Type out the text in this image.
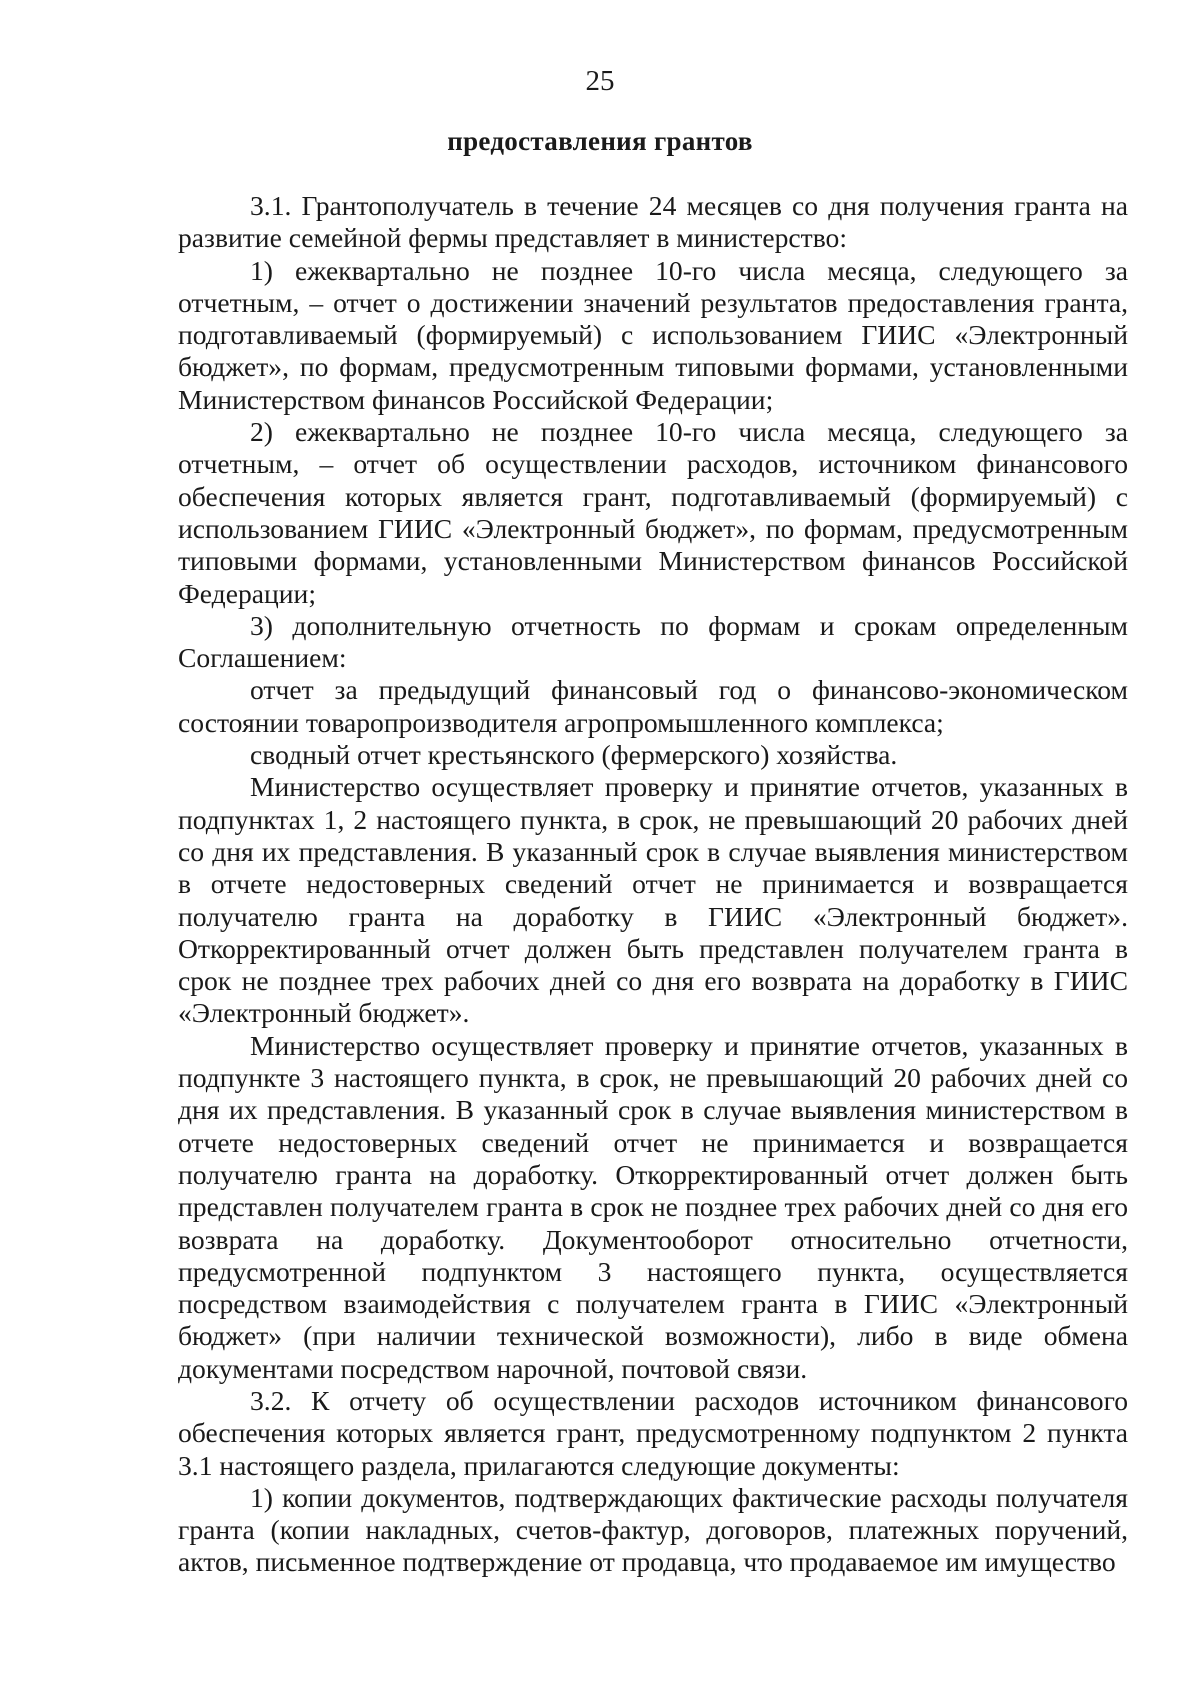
25
предоставления грантов

3.1. Грантополучатель в течение 24 месяцев со дня получения гранта на развитие семейной фермы представляет в министерство:

1) ежеквартально не позднее 10-го числа месяца, следующего за отчетным, – отчет о достижении значений результатов предоставления гранта, подготавливаемый (формируемый) с использованием ГИИС «Электронный бюджет», по формам, предусмотренным типовыми формами, установленными Министерством финансов Российской Федерации;

2) ежеквартально не позднее 10-го числа месяца, следующего за отчетным, – отчет об осуществлении расходов, источником финансового обеспечения которых является грант, подготавливаемый (формируемый) с использованием ГИИС «Электронный бюджет», по формам, предусмотренным типовыми формами, установленными Министерством финансов Российской Федерации;

3) дополнительную отчетность по формам и срокам определенным Соглашением:

отчет за предыдущий финансовый год о финансово-экономическом состоянии товаропроизводителя агропромышленного комплекса;

сводный отчет крестьянского (фермерского) хозяйства.

Министерство осуществляет проверку и принятие отчетов, указанных в подпунктах 1, 2 настоящего пункта, в срок, не превышающий 20 рабочих дней со дня их представления. В указанный срок в случае выявления министерством в отчете недостоверных сведений отчет не принимается и возвращается получателю гранта на доработку в ГИИС «Электронный бюджет». Откорректированный отчет должен быть представлен получателем гранта в срок не позднее трех рабочих дней со дня его возврата на доработку в ГИИС «Электронный бюджет».

Министерство осуществляет проверку и принятие отчетов, указанных в подпункте 3 настоящего пункта, в срок, не превышающий 20 рабочих дней со дня их представления. В указанный срок в случае выявления министерством в отчете недостоверных сведений отчет не принимается и возвращается получателю гранта на доработку. Откорректированный отчет должен быть представлен получателем гранта в срок не позднее трех рабочих дней со дня его возврата на доработку. Документооборот относительно отчетности, предусмотренной подпунктом 3 настоящего пункта, осуществляется посредством взаимодействия с получателем гранта в ГИИС «Электронный бюджет» (при наличии технической возможности), либо в виде обмена документами посредством нарочной, почтовой связи.

3.2. К отчету об осуществлении расходов источником финансового обеспечения которых является грант, предусмотренному подпунктом 2 пункта 3.1 настоящего раздела, прилагаются следующие документы:

1) копии документов, подтверждающих фактические расходы получателя гранта (копии накладных, счетов-фактур, договоров, платежных поручений, актов, письменное подтверждение от продавца, что продаваемое им имущество
